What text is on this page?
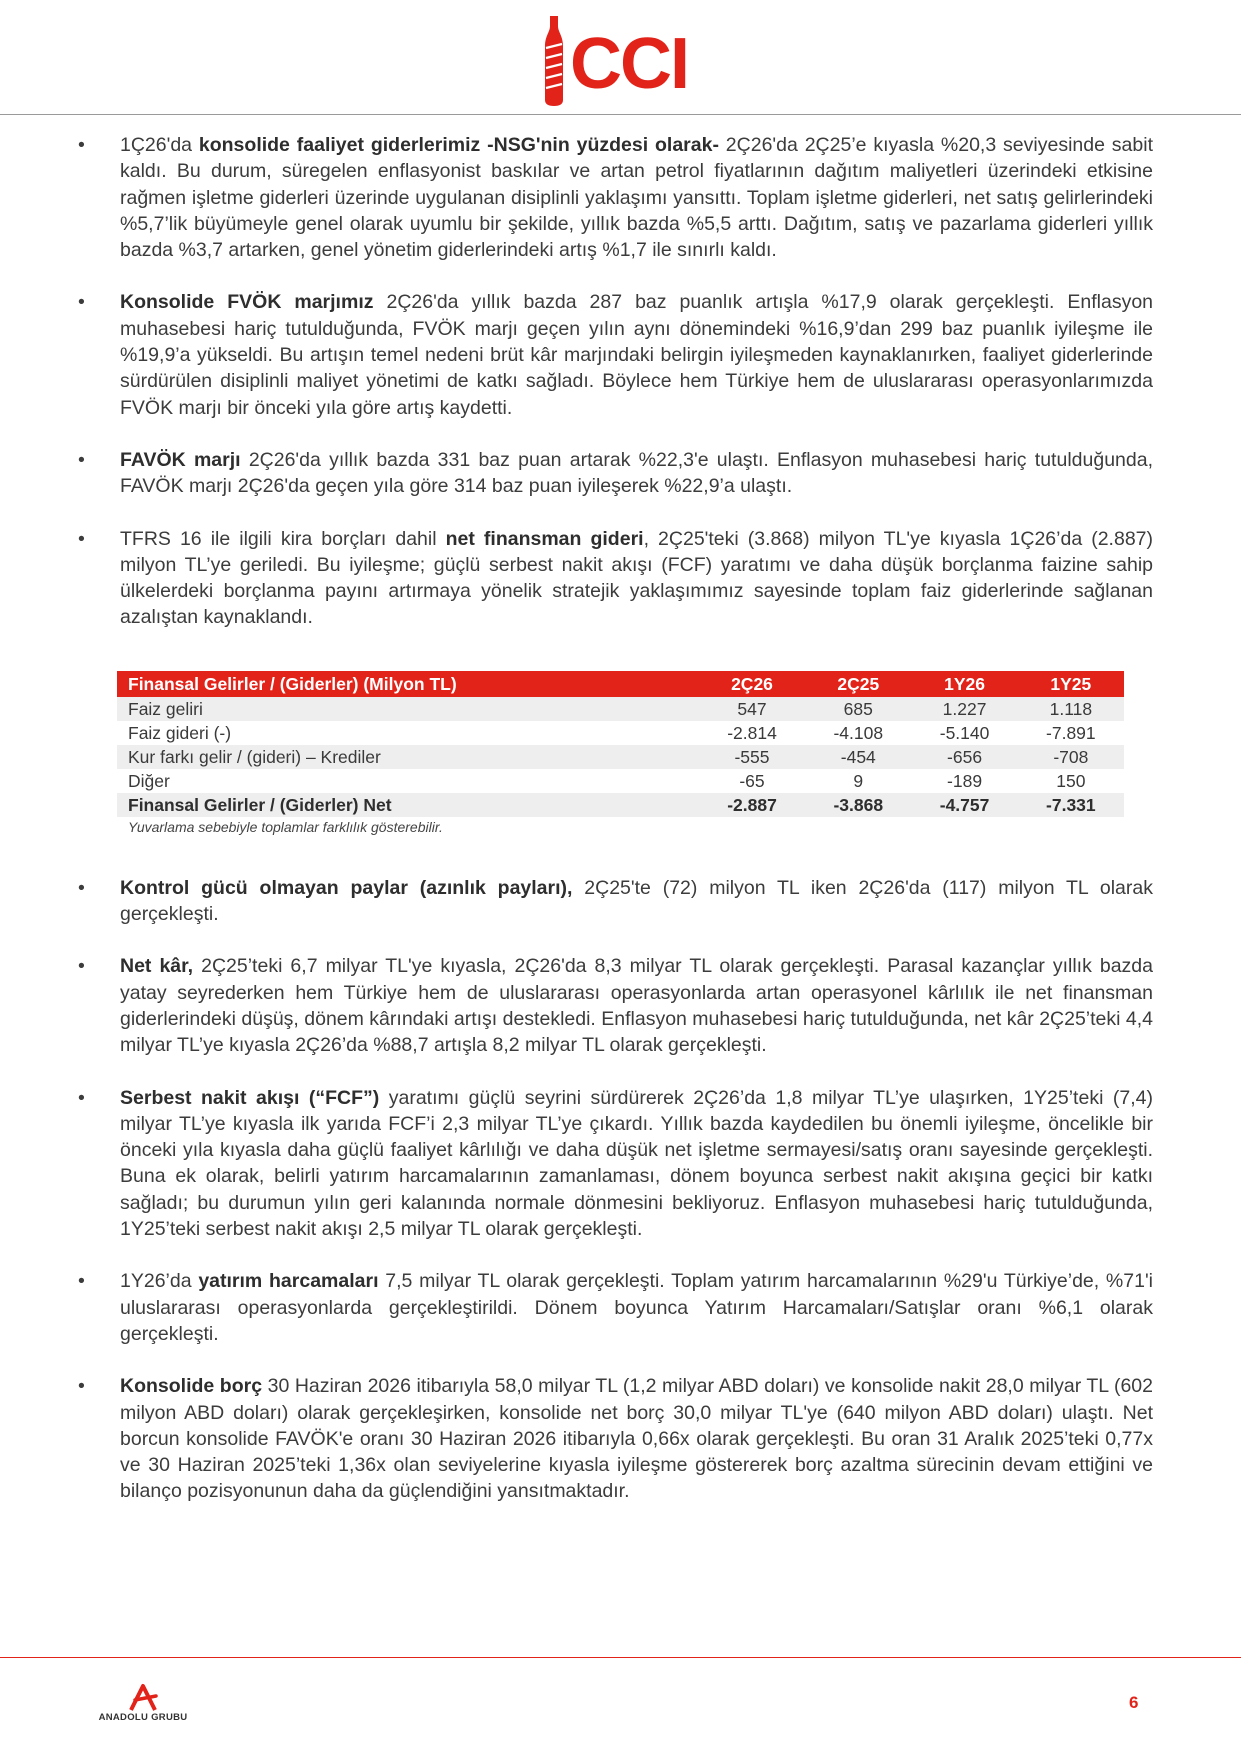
CCI
• 1Ç26'da konsolide faaliyet giderlerimiz -NSG'nin yüzdesi olarak- 2Ç26'da 2Ç25’e kıyasla %20,3 seviyesinde sabit kaldı. Bu durum, süregelen enflasyonist baskılar ve artan petrol fiyatlarının dağıtım maliyetleri üzerindeki etkisine rağmen işletme giderleri üzerinde uygulanan disiplinli yaklaşımı yansıttı. Toplam işletme giderleri, net satış gelirlerindeki %5,7’lik büyümeyle genel olarak uyumlu bir şekilde, yıllık bazda %5,5 arttı. Dağıtım, satış ve pazarlama giderleri yıllık bazda %3,7 artarken, genel yönetim giderlerindeki artış %1,7 ile sınırlı kaldı.
• Konsolide FVÖK marjımız 2Ç26'da yıllık bazda 287 baz puanlık artışla %17,9 olarak gerçekleşti. Enflasyon muhasebesi hariç tutulduğunda, FVÖK marjı geçen yılın aynı dönemindeki %16,9’dan 299 baz puanlık iyileşme ile %19,9’a yükseldi. Bu artışın temel nedeni brüt kâr marjındaki belirgin iyileşmeden kaynaklanırken, faaliyet giderlerinde sürdürülen disiplinli maliyet yönetimi de katkı sağladı. Böylece hem Türkiye hem de uluslararası operasyonlarımızda FVÖK marjı bir önceki yıla göre artış kaydetti.
• FAVÖK marjı 2Ç26'da yıllık bazda 331 baz puan artarak %22,3'e ulaştı. Enflasyon muhasebesi hariç tutulduğunda, FAVÖK marjı 2Ç26'da geçen yıla göre 314 baz puan iyileşerek %22,9’a ulaştı.
• TFRS 16 ile ilgili kira borçları dahil net finansman gideri, 2Ç25'teki (3.868) milyon TL'ye kıyasla 1Ç26’da (2.887) milyon TL’ye geriledi. Bu iyileşme; güçlü serbest nakit akışı (FCF) yaratımı ve daha düşük borçlanma faizine sahip ülkelerdeki borçlanma payını artırmaya yönelik stratejik yaklaşımımız sayesinde toplam faiz giderlerinde sağlanan azalıştan kaynaklandı.
Finansal Gelirler / (Giderler) (Milyon TL)	2Ç26	2Ç25	1Y26	1Y25
Faiz geliri	547	685	1.227	1.118
Faiz gideri (-)	-2.814	-4.108	-5.140	-7.891
Kur farkı gelir / (gideri) – Krediler	-555	-454	-656	-708
Diğer	-65	9	-189	150
Finansal Gelirler / (Giderler) Net	-2.887	-3.868	-4.757	-7.331
Yuvarlama sebebiyle toplamlar farklılık gösterebilir.
• Kontrol gücü olmayan paylar (azınlık payları), 2Ç25'te (72) milyon TL iken 2Ç26'da (117) milyon TL olarak gerçekleşti.
• Net kâr, 2Ç25’teki 6,7 milyar TL'ye kıyasla, 2Ç26'da 8,3 milyar TL olarak gerçekleşti. Parasal kazançlar yıllık bazda yatay seyrederken hem Türkiye hem de uluslararası operasyonlarda artan operasyonel kârlılık ile net finansman giderlerindeki düşüş, dönem kârındaki artışı destekledi. Enflasyon muhasebesi hariç tutulduğunda, net kâr 2Ç25’teki 4,4 milyar TL’ye kıyasla 2Ç26’da %88,7 artışla 8,2 milyar TL olarak gerçekleşti.
• Serbest nakit akışı (“FCF”) yaratımı güçlü seyrini sürdürerek 2Ç26’da 1,8 milyar TL’ye ulaşırken, 1Y25’teki (7,4) milyar TL’ye kıyasla ilk yarıda FCF’i 2,3 milyar TL’ye çıkardı. Yıllık bazda kaydedilen bu önemli iyileşme, öncelikle bir önceki yıla kıyasla daha güçlü faaliyet kârlılığı ve daha düşük net işletme sermayesi/satış oranı sayesinde gerçekleşti. Buna ek olarak, belirli yatırım harcamalarının zamanlaması, dönem boyunca serbest nakit akışına geçici bir katkı sağladı; bu durumun yılın geri kalanında normale dönmesini bekliyoruz. Enflasyon muhasebesi hariç tutulduğunda, 1Y25’teki serbest nakit akışı 2,5 milyar TL olarak gerçekleşti.
• 1Y26’da yatırım harcamaları 7,5 milyar TL olarak gerçekleşti. Toplam yatırım harcamalarının %29'u Türkiye’de, %71'i uluslararası operasyonlarda gerçekleştirildi. Dönem boyunca Yatırım Harcamaları/Satışlar oranı %6,1 olarak gerçekleşti.
• Konsolide borç 30 Haziran 2026 itibarıyla 58,0 milyar TL (1,2 milyar ABD doları) ve konsolide nakit 28,0 milyar TL (602 milyon ABD doları) olarak gerçekleşirken, konsolide net borç 30,0 milyar TL'ye (640 milyon ABD doları) ulaştı. Net borcun konsolide FAVÖK'e oranı 30 Haziran 2026 itibarıyla 0,66x olarak gerçekleşti. Bu oran 31 Aralık 2025’teki 0,77x ve 30 Haziran 2025’teki 1,36x olan seviyelerine kıyasla iyileşme göstererek borç azaltma sürecinin devam ettiğini ve bilanço pozisyonunun daha da güçlendiğini yansıtmaktadır.
ANADOLU GRUBU
6
